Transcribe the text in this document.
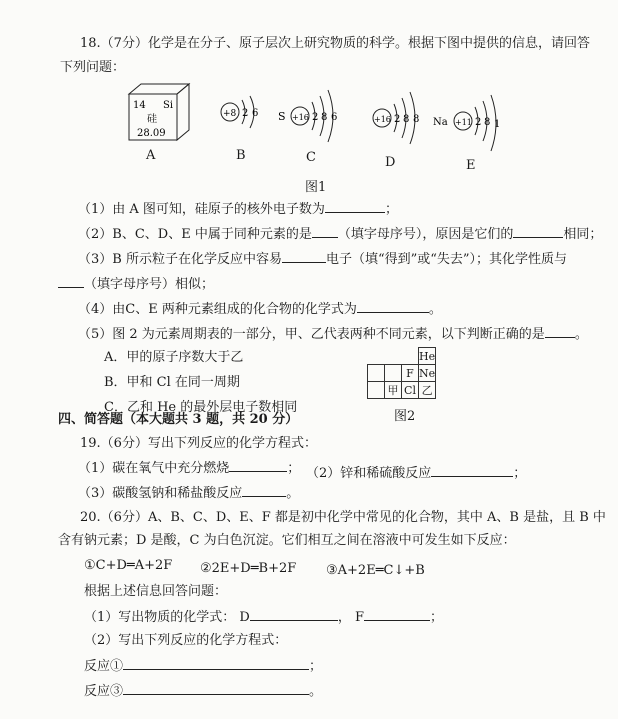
18.（7分）化学是在分子、原子层次上研究物质的科学。根据下图中提供的信息，请回答
下列问题：
14 Si
硅
28.09
A
+8 2 6
B
S +16 2 8 6
C
+16 2 8 8
D
Na +11 2 8 1
E
图1
（1）由 A 图可知，硅原子的核外电子数为	；
（2）B、C、D、E 中属于同种元素的是 （填字母序号），原因是它们的	相同；
（3）B 所示粒子在化学反应中容易	电子（填“得到”或“失去”）；其化学性质与
（填字母序号）相似；
（4）由C、E 两种元素组成的化合物的化学式为	。
（5）图 2 为元素周期表的一部分，甲、乙代表两种不同元素，以下判断正确的是 。
A．甲的原子序数大于乙
B．甲和 Cl 在同一周期
C．乙和 He 的最外层电子数相同
			He
		F	Ne
	甲	Cl	乙
图2
四、简答题（本大题共 3 题，共 20 分）
19.（6分）写出下列反应的化学方程式：
（1）碳在氧气中充分燃烧	； （2）锌和稀硫酸反应	；
（3）碳酸氢钠和稀盐酸反应	。
20.（6分）A、B、C、D、E、F 都是初中化学中常见的化合物，其中 A、B 是盐，且 B 中
含有钠元素；D 是酸，C 为白色沉淀。它们相互之间在溶液中可发生如下反应：
①C+D═A+2F ②2E+D═B+2F ③A+2E═C↓+B
根据上述信息回答问题：
（1）写出物质的化学式： D	， F	；
（2）写出下列反应的化学方程式：
反应①	；
反应③	。
